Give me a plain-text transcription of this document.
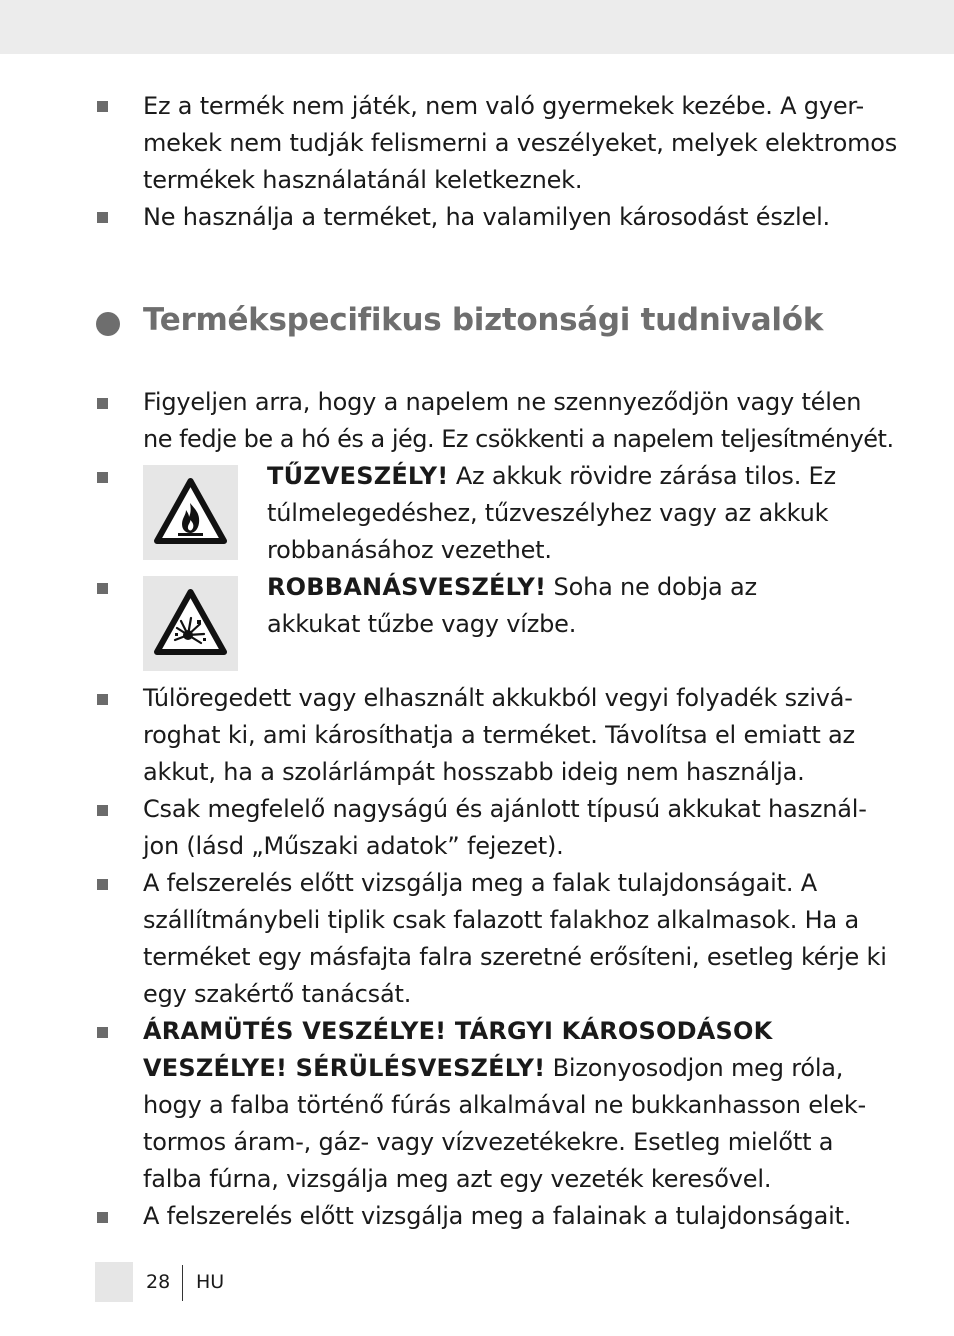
Ez a termék nem játék, nem való gyermekek kezébe. A gyer-
mekek nem tudják felismerni a veszélyeket, melyek elektromos
termékek használatánál keletkeznek.
Ne használja a terméket, ha valamilyen károsodást észlel.
Termékspecifikus biztonsági tudnivalók
Figyeljen arra, hogy a napelem ne szennyeződjön vagy télen
ne fedje be a hó és a jég. Ez csökkenti a napelem teljesítményét.
TŰZVESZÉLY! Az akkuk rövidre zárása tilos. Ez
túlmelegedéshez, tűzveszélyhez vagy az akkuk
robbanásához vezethet.
ROBBANÁSVESZÉLY! Soha ne dobja az
akkukat tűzbe vagy vízbe.
Túlöregedett vagy elhasznált akkukból vegyi folyadék szivá-
roghat ki, ami károsíthatja a terméket. Távolítsa el emiatt az
akkut, ha a szolárlámpát hosszabb ideig nem használja.
Csak megfelelő nagyságú és ajánlott típusú akkukat használ-
jon (lásd „Műszaki adatok” fejezet).
A felszerelés előtt vizsgálja meg a falak tulajdonságait. A
szállítmánybeli tiplik csak falazott falakhoz alkalmasok. Ha a
terméket egy másfajta falra szeretné erősíteni, esetleg kérje ki
egy szakértő tanácsát.
ÁRAMÜTÉS VESZÉLYE! TÁRGYI KÁROSODÁSOK
VESZÉLYE! SÉRÜLÉSVESZÉLY! Bizonyosodjon meg róla,
hogy a falba történő fúrás alkalmával ne bukkanhasson elek-
tormos áram-, gáz- vagy vízvezetékekre. Esetleg mielőtt a
falba fúrna, vizsgálja meg azt egy vezeték keresővel.
A felszerelés előtt vizsgálja meg a falainak a tulajdonságait.
28 HU
